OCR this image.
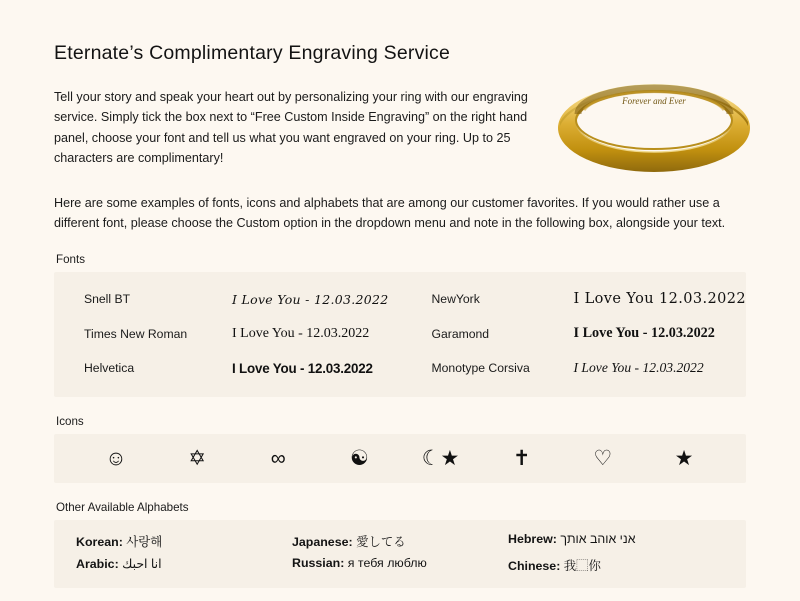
Eternate’s Complimentary Engraving Service

Tell your story and speak your heart out by personalizing your ring with our engraving service. Simply tick the box next to “Free Custom Inside Engraving” on the right hand panel, choose your font and tell us what you want engraved on your ring. Up to 25 characters are complimentary!

Here are some examples of fonts, icons and alphabets that are among our customer favorites. If you would rather use a different font, please choose the Custom option in the dropdown menu and note in the following box, alongside your text.

Fonts
Snell BT	I Love You - 12.03.2022	NewYork	I Love You 12.03.2022
Times New Roman	I Love You - 12.03.2022	Garamond	I Love You - 12.03.2022
Helvetica	I Love You - 12.03.2022	Monotype Corsiva	I Love You - 12.03.2022
Icons
☺	✡	∞	☯	☾★	✝	♡	★
Other Available Alphabets
Korean: 사랑해	Japanese: 愛してる	Hebrew: אני אוהב אותך
Arabic: انا احبك	Russian: я тебя люблю	Chinese: 我⬚你
Forever and Ever
